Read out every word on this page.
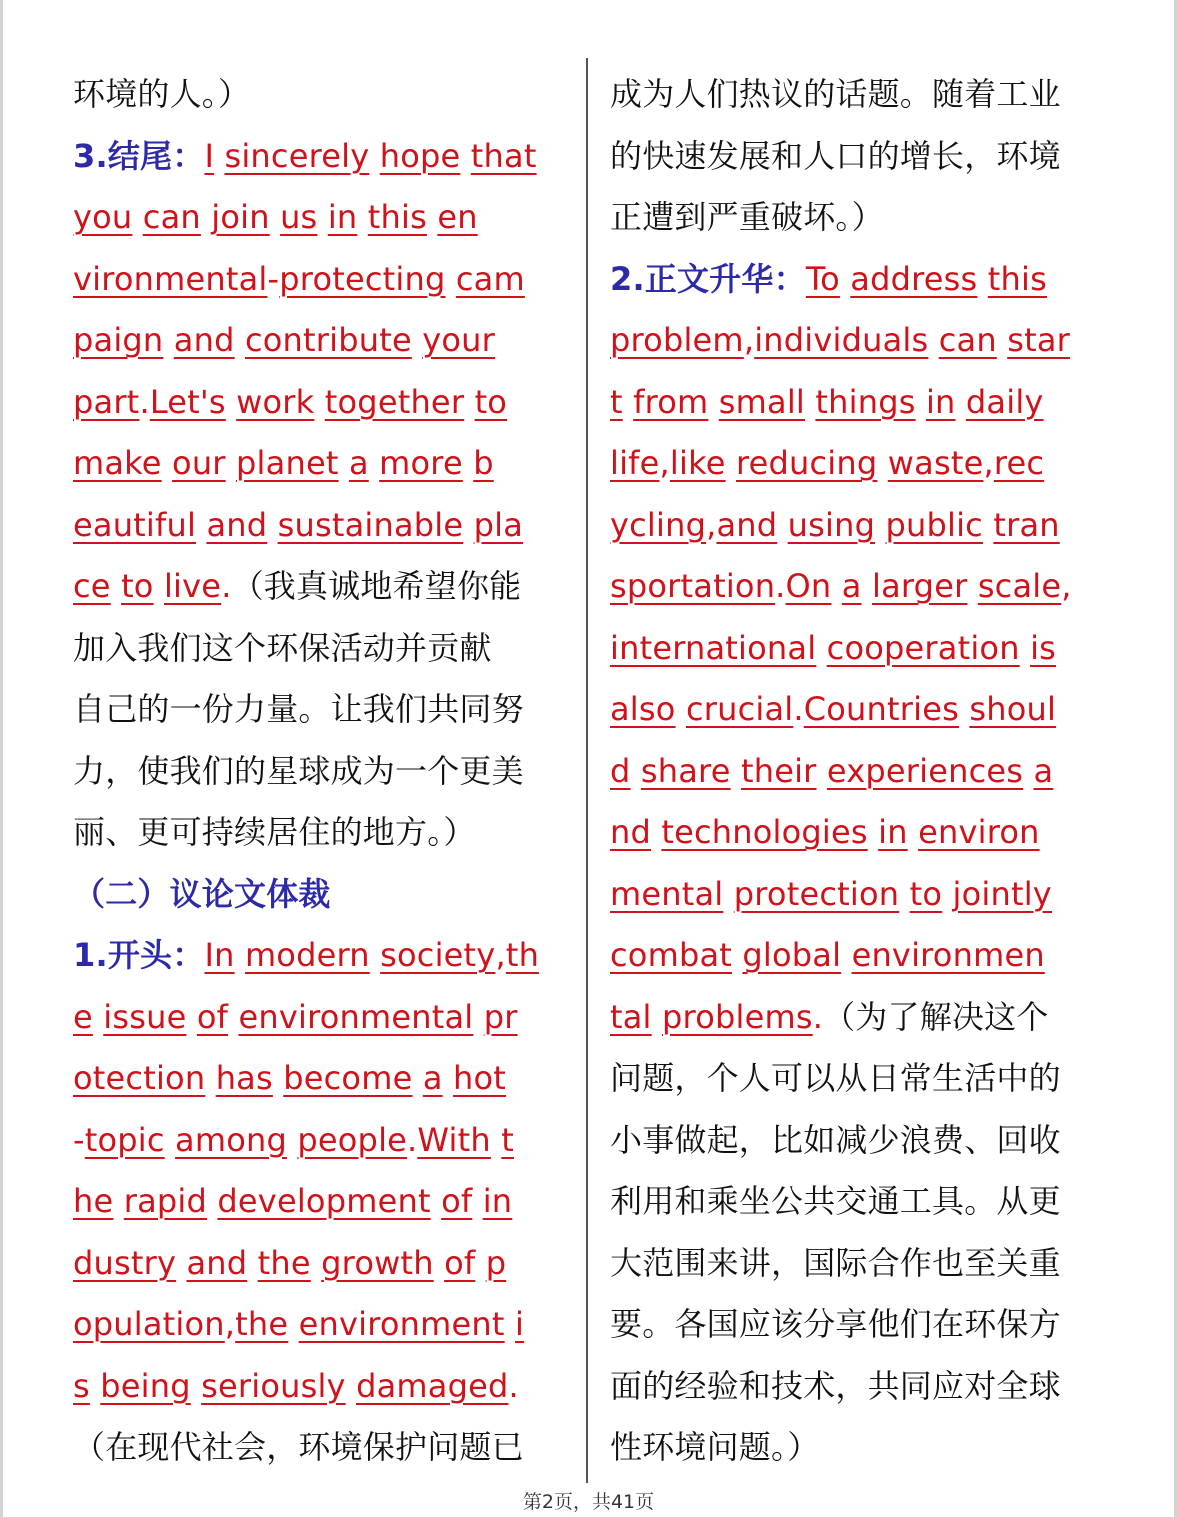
环境的人。）
3.结尾：I sincerely hope that
you can join us in this en
vironmental-protecting cam
paign and contribute your
part.Let's work together to
make our planet a more b
eautiful and sustainable pla
ce to live.（我真诚地希望你能
加入我们这个环保活动并贡献
自己的一份力量。让我们共同努
力，使我们的星球成为一个更美
丽、更可持续居住的地方。）
（二）议论文体裁
1.开头：In modern society,th
e issue of environmental pr
otection has become a hot
-topic among people.With t
he rapid development of in
dustry and the growth of p
opulation,the environment i
s being seriously damaged.
（在现代社会，环境保护问题已
成为人们热议的话题。随着工业
的快速发展和人口的增长，环境
正遭到严重破坏。）
2.正文升华：To address this
problem,individuals can star
t from small things in daily
life,like reducing waste,rec
ycling,and using public tran
sportation.On a larger scale,
international cooperation is
also crucial.Countries shoul
d share their experiences a
nd technologies in environ
mental protection to jointly
combat global environmen
tal problems.（为了解决这个
问题，个人可以从日常生活中的
小事做起，比如减少浪费、回收
利用和乘坐公共交通工具。从更
大范围来讲，国际合作也至关重
要。各国应该分享他们在环保方
面的经验和技术，共同应对全球
性环境问题。）
第2页，共41页
